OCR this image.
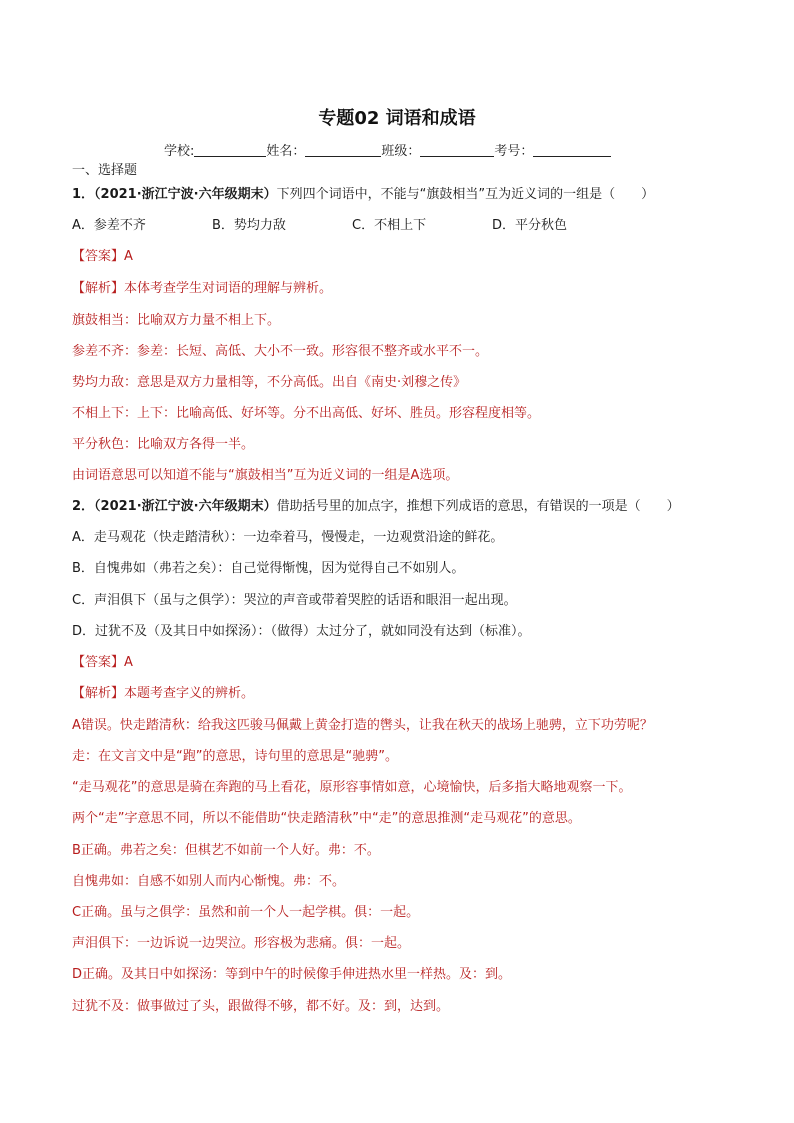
专题02 词语和成语
学校:	姓名：	班级：	考号：
一、选择题
1．（2021·浙江宁波·六年级期末）下列四个词语中，不能与“旗鼓相当”互为近义词的一组是（　　）
A．参差不齐	B．势均力敌	C．不相上下	D．平分秋色
【答案】A
【解析】本体考查学生对词语的理解与辨析。
旗鼓相当：比喻双方力量不相上下。
参差不齐：参差：长短、高低、大小不一致。形容很不整齐或水平不一。
势均力敌：意思是双方力量相等，不分高低。出自《南史·刘穆之传》
不相上下：上下：比喻高低、好坏等。分不出高低、好坏、胜员。形容程度相等。
平分秋色：比喻双方各得一半。
由词语意思可以知道不能与“旗鼓相当”互为近义词的一组是A选项。
2．（2021·浙江宁波·六年级期末）借助括号里的加点字，推想下列成语的意思，有错误的一项是（　　）
A．走马观花（快走踏清秋）：一边牵着马，慢慢走，一边观赏沿途的鲜花。
B．自愧弗如（弗若之矣）：自己觉得惭愧，因为觉得自己不如别人。
C．声泪俱下（虽与之俱学）：哭泣的声音或带着哭腔的话语和眼泪一起出现。
D．过犹不及（及其日中如探汤）：（做得）太过分了，就如同没有达到（标准）。
【答案】A
【解析】本题考查字义的辨析。
A错误。快走踏清秋：给我这匹骏马佩戴上黄金打造的辔头，让我在秋天的战场上驰骋，立下功劳呢？
走：在文言文中是“跑”的意思，诗句里的意思是“驰骋”。
“走马观花”的意思是骑在奔跑的马上看花，原形容事情如意，心境愉快，后多指大略地观察一下。
两个“走”字意思不同，所以不能借助“快走踏清秋”中“走”的意思推测“走马观花”的意思。
B正确。弗若之矣：但棋艺不如前一个人好。弗：不。
自愧弗如：自感不如别人而内心惭愧。弗：不。
C正确。虽与之俱学：虽然和前一个人一起学棋。俱：一起。
声泪俱下：一边诉说一边哭泣。形容极为悲痛。俱：一起。
D正确。及其日中如探汤：等到中午的时候像手伸进热水里一样热。及：到。
过犹不及：做事做过了头，跟做得不够，都不好。及：到，达到。
